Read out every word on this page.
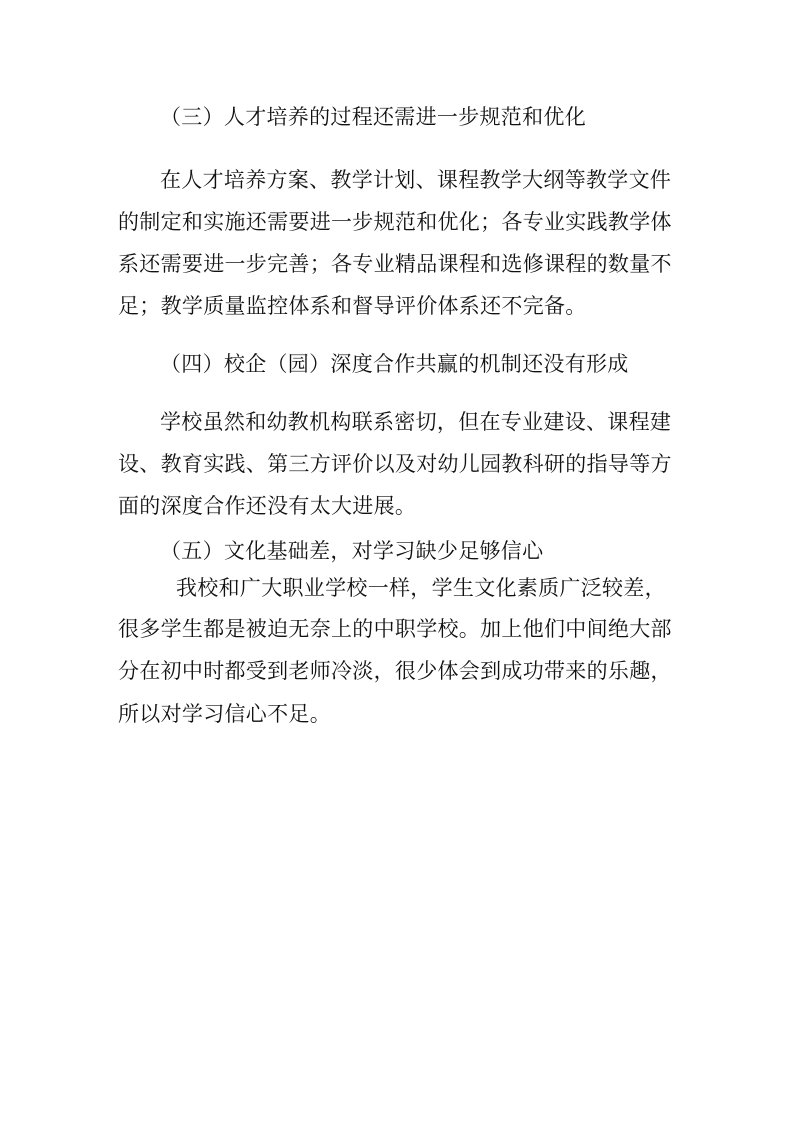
（三）人才培养的过程还需进一步规范和优化
在人才培养方案、教学计划、课程教学大纲等教学文件
的制定和实施还需要进一步规范和优化；各专业实践教学体
系还需要进一步完善；各专业精品课程和选修课程的数量不
足；教学质量监控体系和督导评价体系还不完备。
（四）校企（园）深度合作共赢的机制还没有形成
学校虽然和幼教机构联系密切，但在专业建设、课程建
设、教育实践、第三方评价以及对幼儿园教科研的指导等方
面的深度合作还没有太大进展。
（五）文化基础差，对学习缺少足够信心
我校和广大职业学校一样，学生文化素质广泛较差，
很多学生都是被迫无奈上的中职学校。加上他们中间绝大部
分在初中时都受到老师冷淡，很少体会到成功带来的乐趣，
所以对学习信心不足。
